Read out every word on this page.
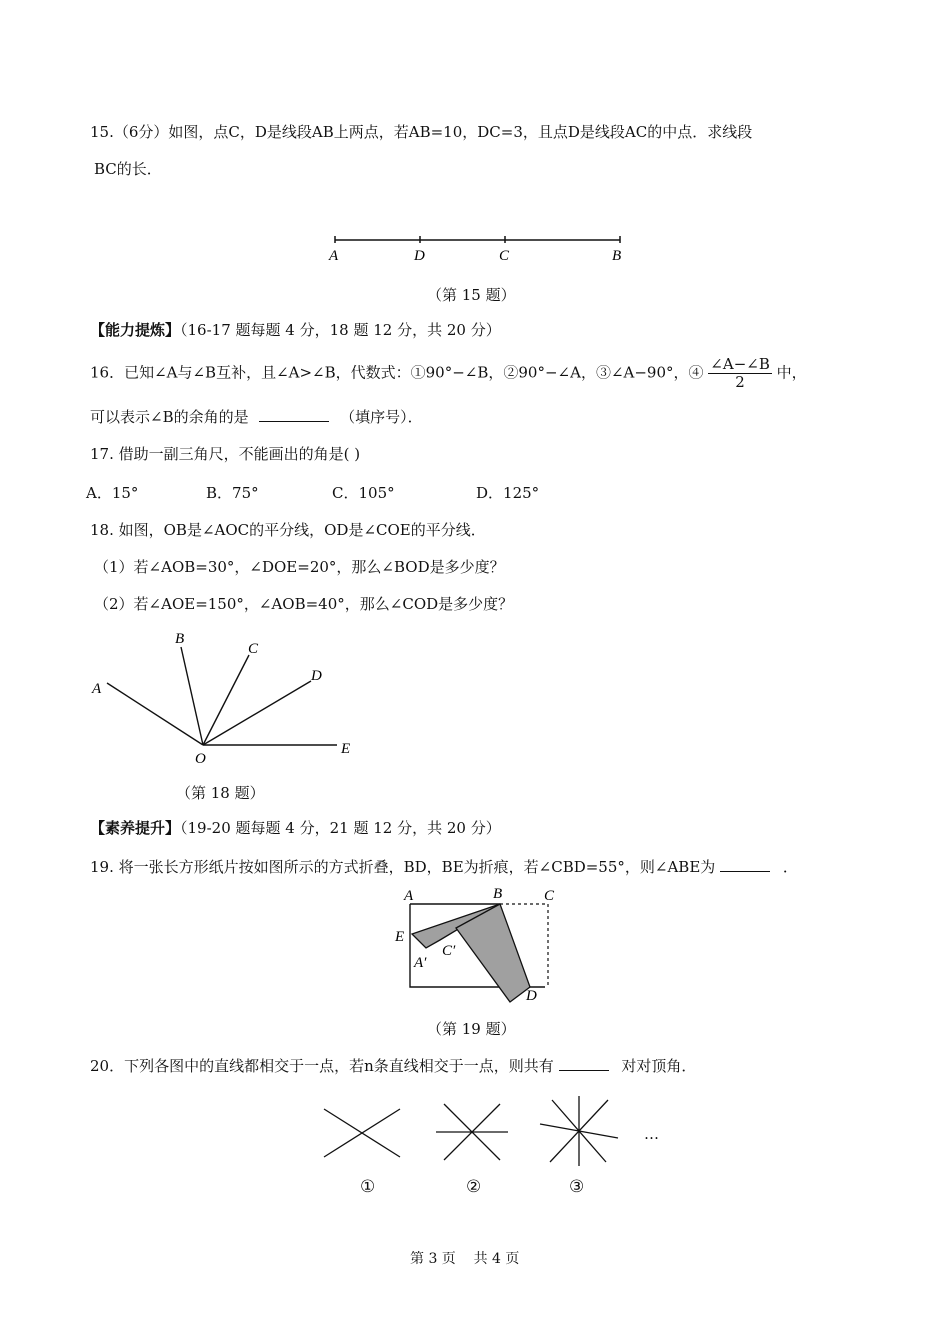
15.（6分）如图，点C，D是线段AB上两点，若AB=10，DC=3，且点D是线段AC的中点．求线段
BC的长．
A	D	C	B
（第 15 题）
【能力提炼】（16-17 题每题 4 分，18 题 12 分，共 20 分）
16．已知∠A与∠B互补，且∠A>∠B，代数式：①90°−∠B，②90°−∠A，③∠A−90°，④ $\frac{\angle A-\angle B}{2}$ 中，
可以表示∠B的余角的是	（填序号）．
17. 借助一副三角尺，不能画出的角是( )
A．15°	B．75°	C．105°	D．125°
18. 如图，OB是∠AOC的平分线，OD是∠COE的平分线．
（1）若∠AOB=30°，∠DOE=20°，那么∠BOD是多少度？
（2）若∠AOE=150°，∠AOB=40°，那么∠COD是多少度？
A
B
C
D
E
O
（第 18 题）
【素养提升】（19-20 题每题 4 分，21 题 12 分，共 20 分）
19. 将一张长方形纸片按如图所示的方式折叠，BD，BE为折痕，若∠CBD=55°，则∠ABE为	．
A	B	C
E
C′
A′
D
（第 19 题）
20．下列各图中的直线都相交于一点，若n条直线相交于一点，则共有	对对顶角．
…
①	②	③
第 3 页    共 4 页
